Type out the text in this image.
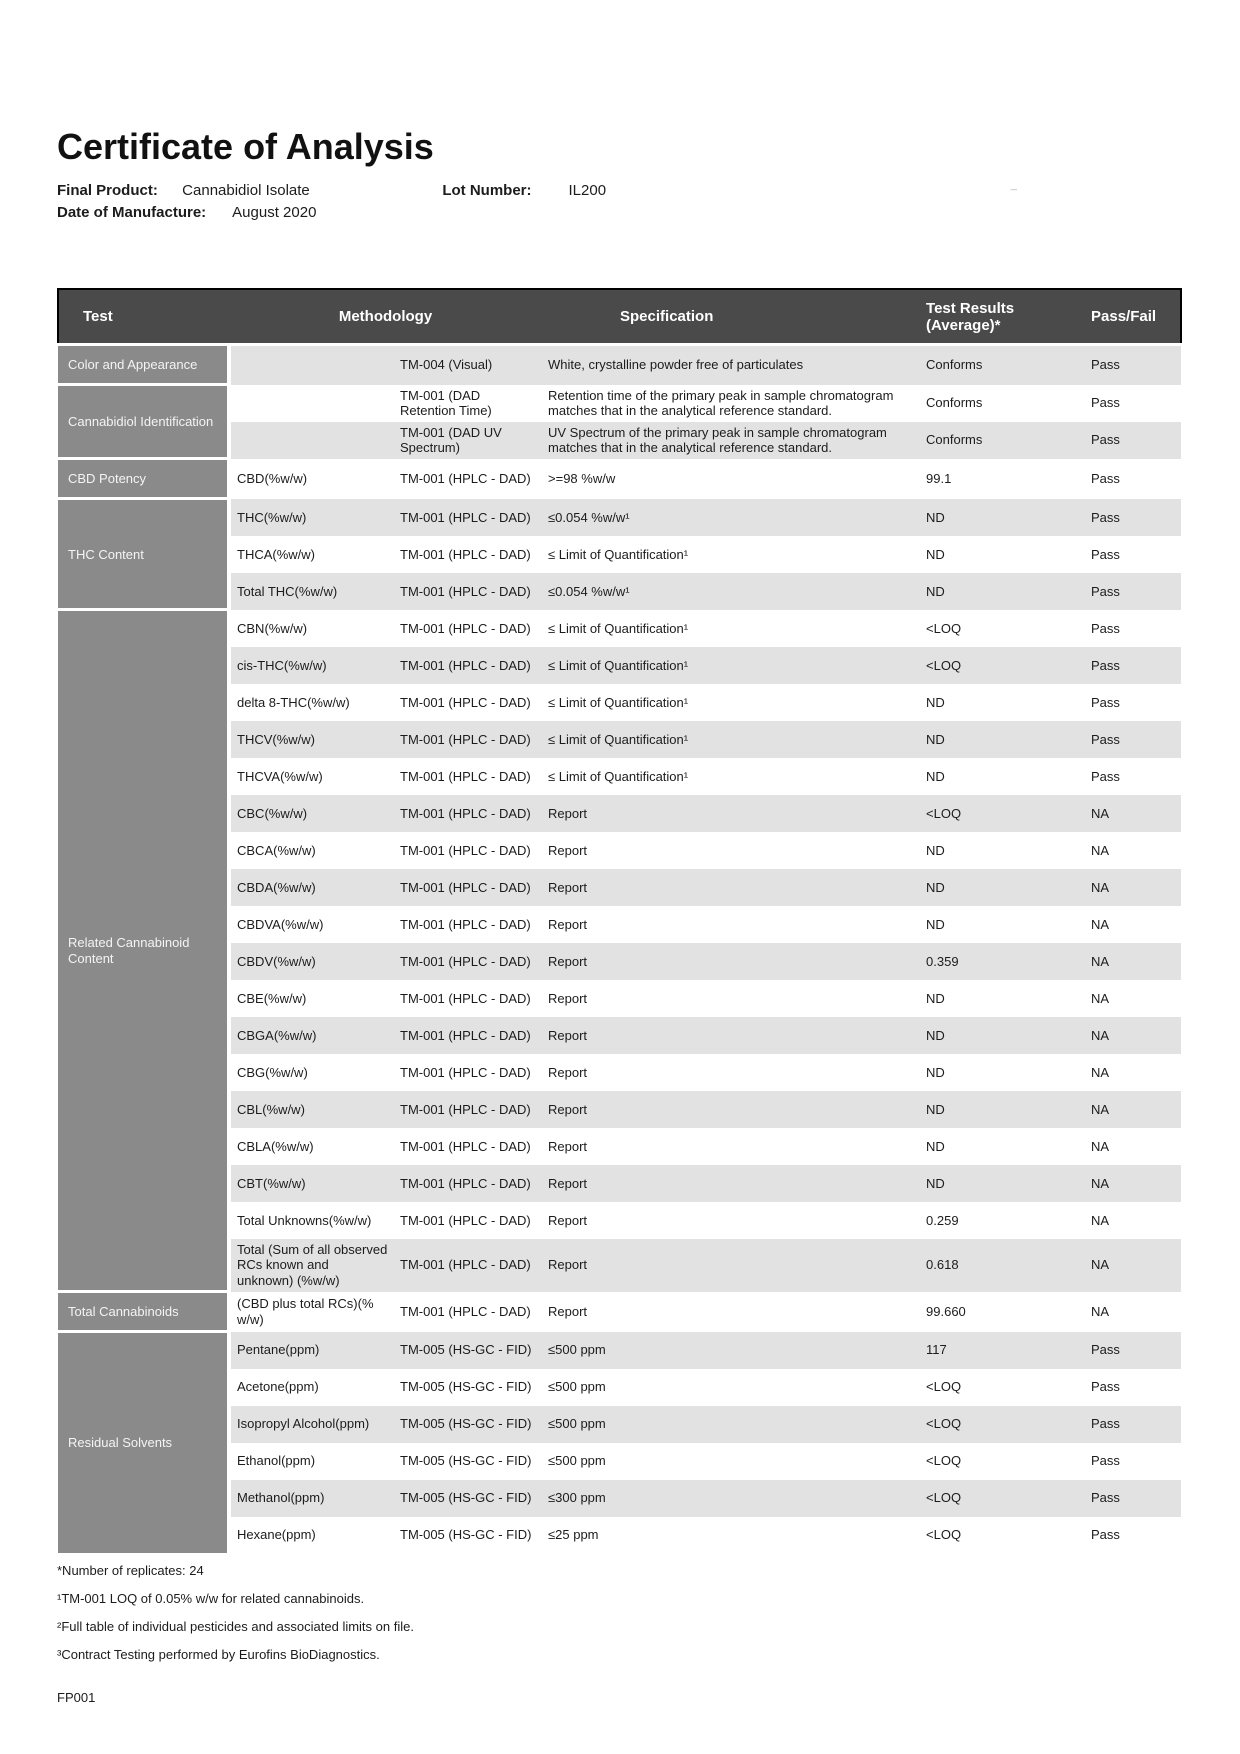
~
Certificate of Analysis
Final Product: Cannabidiol Isolate	Lot Number: IL200
Date of Manufacture: August 2020
Test	Methodology		Specification	Test Results (Average)*	Pass/Fail
Color and Appearance		TM-004 (Visual)	White, crystalline powder free of particulates	Conforms	Pass
Cannabidiol Identification		TM-001 (DAD Retention Time)	Retention time of the primary peak in sample chromatogram matches that in the analytical reference standard.	Conforms	Pass
		TM-001 (DAD UV Spectrum)	UV Spectrum of the primary peak in sample chromatogram matches that in the analytical reference standard.	Conforms	Pass
CBD Potency	CBD(%w/w)	TM-001 (HPLC - DAD)	>=98 %w/w	99.1	Pass
THC Content	THC(%w/w)	TM-001 (HPLC - DAD)	≤0.054 %w/w¹	ND	Pass
	THCA(%w/w)	TM-001 (HPLC - DAD)	≤ Limit of Quantification¹	ND	Pass
	Total THC(%w/w)	TM-001 (HPLC - DAD)	≤0.054 %w/w¹	ND	Pass
Related Cannabinoid Content	CBN(%w/w)	TM-001 (HPLC - DAD)	≤ Limit of Quantification¹	<LOQ	Pass
	cis-THC(%w/w)	TM-001 (HPLC - DAD)	≤ Limit of Quantification¹	<LOQ	Pass
	delta 8-THC(%w/w)	TM-001 (HPLC - DAD)	≤ Limit of Quantification¹	ND	Pass
	THCV(%w/w)	TM-001 (HPLC - DAD)	≤ Limit of Quantification¹	ND	Pass
	THCVA(%w/w)	TM-001 (HPLC - DAD)	≤ Limit of Quantification¹	ND	Pass
	CBC(%w/w)	TM-001 (HPLC - DAD)	Report	<LOQ	NA
	CBCA(%w/w)	TM-001 (HPLC - DAD)	Report	ND	NA
	CBDA(%w/w)	TM-001 (HPLC - DAD)	Report	ND	NA
	CBDVA(%w/w)	TM-001 (HPLC - DAD)	Report	ND	NA
	CBDV(%w/w)	TM-001 (HPLC - DAD)	Report	0.359	NA
	CBE(%w/w)	TM-001 (HPLC - DAD)	Report	ND	NA
	CBGA(%w/w)	TM-001 (HPLC - DAD)	Report	ND	NA
	CBG(%w/w)	TM-001 (HPLC - DAD)	Report	ND	NA
	CBL(%w/w)	TM-001 (HPLC - DAD)	Report	ND	NA
	CBLA(%w/w)	TM-001 (HPLC - DAD)	Report	ND	NA
	CBT(%w/w)	TM-001 (HPLC - DAD)	Report	ND	NA
	Total Unknowns(%w/w)	TM-001 (HPLC - DAD)	Report	0.259	NA
	Total (Sum of all observed RCs known and unknown) (%w/w)	TM-001 (HPLC - DAD)	Report	0.618	NA
Total Cannabinoids	(CBD plus total RCs)(% w/w)	TM-001 (HPLC - DAD)	Report	99.660	NA
Residual Solvents	Pentane(ppm)	TM-005 (HS-GC - FID)	≤500 ppm	117	Pass
	Acetone(ppm)	TM-005 (HS-GC - FID)	≤500 ppm	<LOQ	Pass
	Isopropyl Alcohol(ppm)	TM-005 (HS-GC - FID)	≤500 ppm	<LOQ	Pass
	Ethanol(ppm)	TM-005 (HS-GC - FID)	≤500 ppm	<LOQ	Pass
	Methanol(ppm)	TM-005 (HS-GC - FID)	≤300 ppm	<LOQ	Pass
	Hexane(ppm)	TM-005 (HS-GC - FID)	≤25 ppm	<LOQ	Pass
*Number of replicates: 24
¹TM-001 LOQ of 0.05% w/w for related cannabinoids.
²Full table of individual pesticides and associated limits on file.
³Contract Testing performed by Eurofins BioDiagnostics.
FP001
